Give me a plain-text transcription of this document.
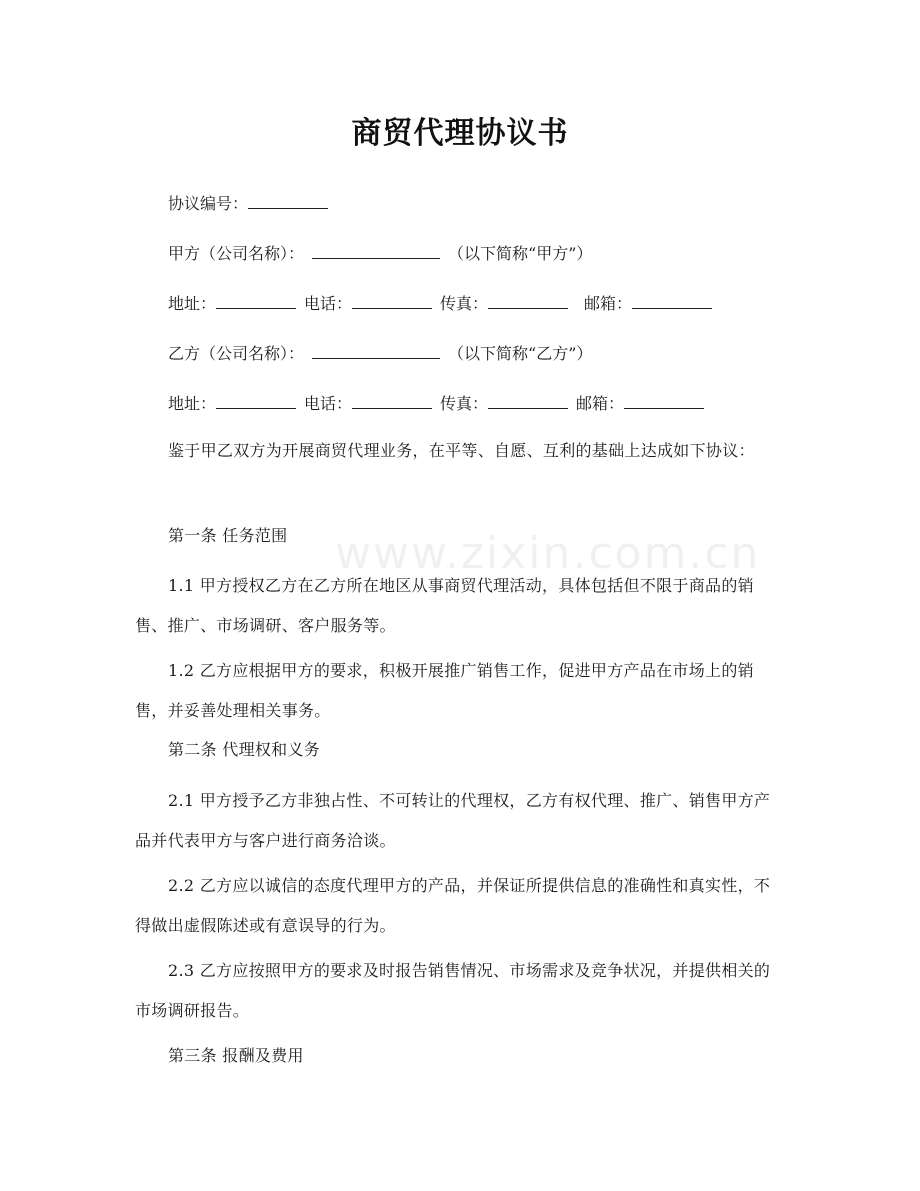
www.zixin.com.cn
商贸代理协议书
协议编号：
甲方（公司名称）：	（以下简称“甲方”）
地址：	电话：	传真：	邮箱：
乙方（公司名称）：	（以下简称“乙方”）
地址：	电话：	传真：	邮箱：
鉴于甲乙双方为开展商贸代理业务，在平等、自愿、互利的基础上达成如下协议：
第一条 任务范围
1.1 甲方授权乙方在乙方所在地区从事商贸代理活动，具体包括但不限于商品的销售、推广、市场调研、客户服务等。
1.2 乙方应根据甲方的要求，积极开展推广销售工作，促进甲方产品在市场上的销售，并妥善处理相关事务。
第二条 代理权和义务
2.1 甲方授予乙方非独占性、不可转让的代理权，乙方有权代理、推广、销售甲方产品并代表甲方与客户进行商务洽谈。
2.2 乙方应以诚信的态度代理甲方的产品，并保证所提供信息的准确性和真实性，不得做出虚假陈述或有意误导的行为。
2.3 乙方应按照甲方的要求及时报告销售情况、市场需求及竞争状况，并提供相关的市场调研报告。
第三条 报酬及费用
